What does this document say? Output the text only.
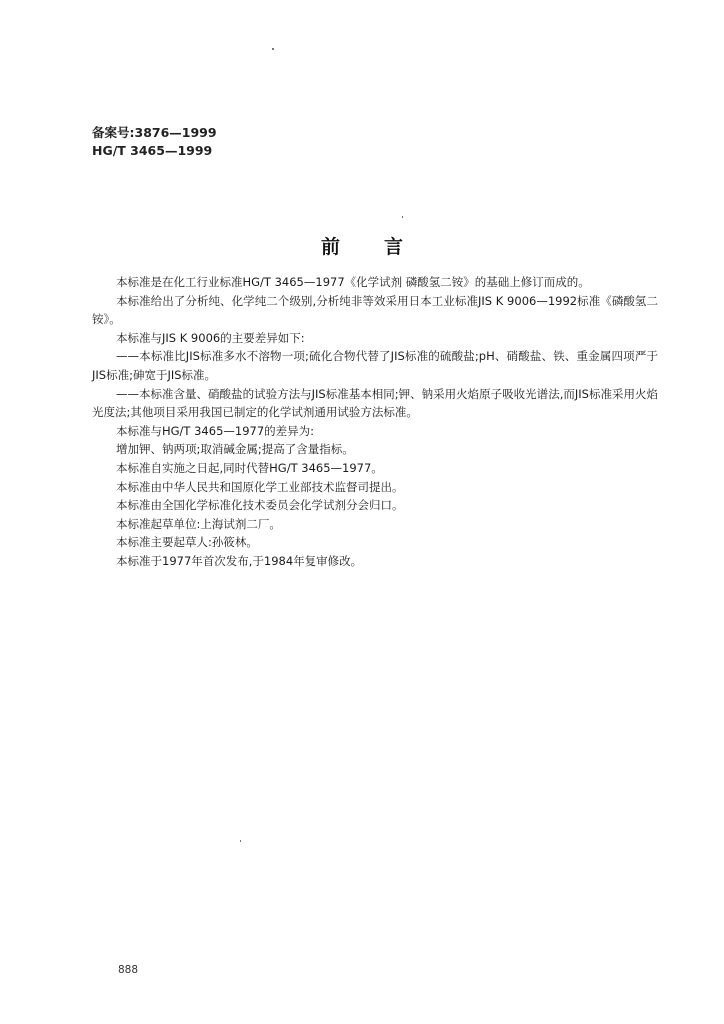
备案号:3876—1999
HG/T 3465—1999
前言

本标准是在化工行业标准HG/T 3465—1977《化学试剂 磷酸氢二铵》的基础上修订而成的。

本标准给出了分析纯、化学纯二个级别,分析纯非等效采用日本工业标准JIS K 9006—1992标准《磷酸氢二铵》。

本标准与JIS K 9006的主要差异如下:

——本标准比JIS标准多水不溶物一项;硫化合物代替了JIS标准的硫酸盐;pH、硝酸盐、铁、重金属四项严于JIS标准;砷宽于JIS标准。

——本标准含量、硝酸盐的试验方法与JIS标准基本相同;钾、钠采用火焰原子吸收光谱法,而JIS标准采用火焰光度法;其他项目采用我国已制定的化学试剂通用试验方法标准。

本标准与HG/T 3465—1977的差异为:

增加钾、钠两项;取消碱金属;提高了含量指标。

本标准自实施之日起,同时代替HG/T 3465—1977。

本标准由中华人民共和国原化学工业部技术监督司提出。

本标准由全国化学标准化技术委员会化学试剂分会归口。

本标准起草单位:上海试剂二厂。

本标准主要起草人:孙筱林。

本标准于1977年首次发布,于1984年复审修改。

888
